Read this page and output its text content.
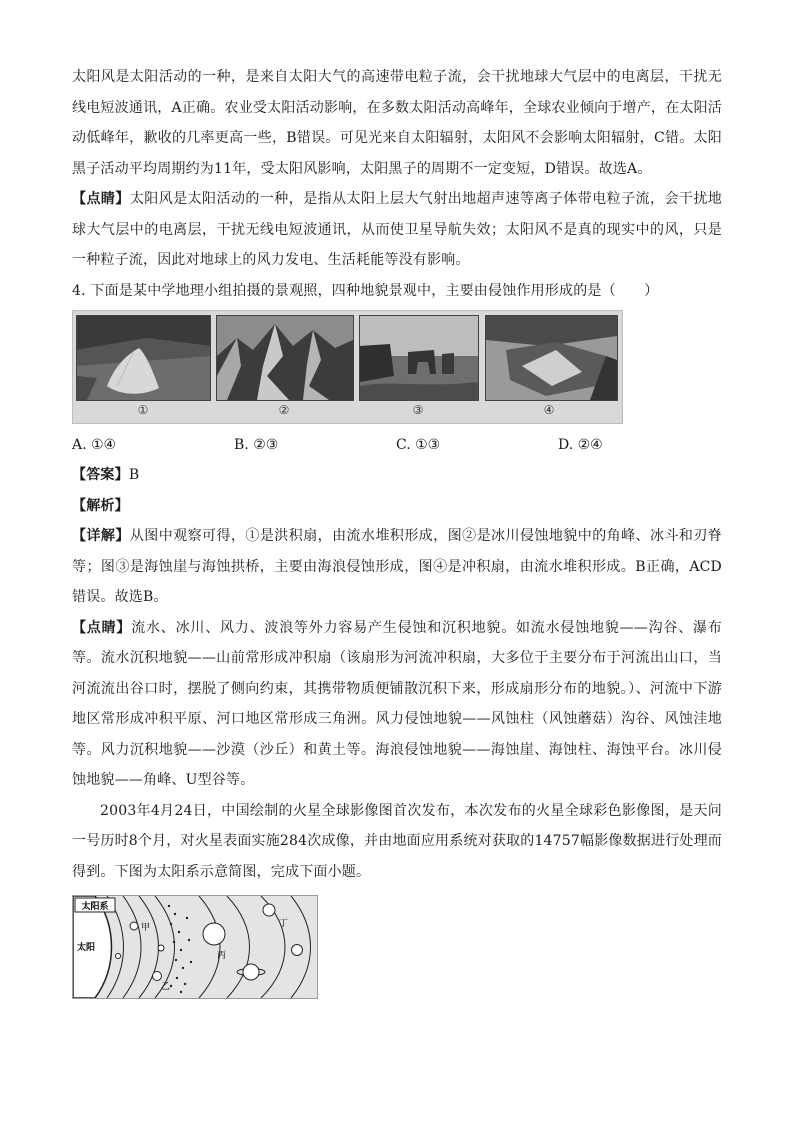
太阳风是太阳活动的一种，是来自太阳大气的高速带电粒子流，会干扰地球大气层中的电离层，干扰无线电短波通讯，A正确。农业受太阳活动影响，在多数太阳活动高峰年，全球农业倾向于增产，在太阳活动低峰年，歉收的几率更高一些，B错误。可见光来自太阳辐射，太阳风不会影响太阳辐射，C错。太阳黑子活动平均周期约为11年，受太阳风影响，太阳黑子的周期不一定变短，D错误。故选A。

【点睛】太阳风是太阳活动的一种，是指从太阳上层大气射出地超声速等离子体带电粒子流，会干扰地球大气层中的电离层，干扰无线电短波通讯，从而使卫星导航失效；太阳风不是真的现实中的风，只是一种粒子流，因此对地球上的风力发电、生活耗能等没有影响。

4. 下面是某中学地理小组拍摄的景观照，四种地貌景观中，主要由侵蚀作用形成的是（　　）

①	②	③	④
A. ①④	B. ②③	C. ①③	D. ②④

【答案】B

【解析】

【详解】从图中观察可得，①是洪积扇，由流水堆积形成，图②是冰川侵蚀地貌中的角峰、冰斗和刃脊等；图③是海蚀崖与海蚀拱桥，主要由海浪侵蚀形成，图④是冲积扇，由流水堆积形成。B正确，ACD错误。故选B。

【点睛】流水、冰川、风力、波浪等外力容易产生侵蚀和沉积地貌。如流水侵蚀地貌——沟谷、瀑布等。流水沉积地貌——山前常形成冲积扇（该扇形为河流冲积扇，大多位于主要分布于河流出山口，当河流流出谷口时，摆脱了侧向约束，其携带物质便铺散沉积下来，形成扇形分布的地貌。）、河流中下游地区常形成冲积平原、河口地区常形成三角洲。风力侵蚀地貌——风蚀柱（风蚀蘑菇）沟谷、风蚀洼地等。风力沉积地貌——沙漠（沙丘）和黄土等。海浪侵蚀地貌——海蚀崖、海蚀柱、海蚀平台。冰川侵蚀地貌——角峰、U型谷等。

2003年4月24日，中国绘制的火星全球影像图首次发布，本次发布的火星全球彩色影像图，是天问一号历时8个月，对火星表面实施284次成像，并由地面应用系统对获取的14757幅影像数据进行处理而得到。下图为太阳系示意简图，完成下面小题。

太阳系
太阳
甲
乙
丙
丁
